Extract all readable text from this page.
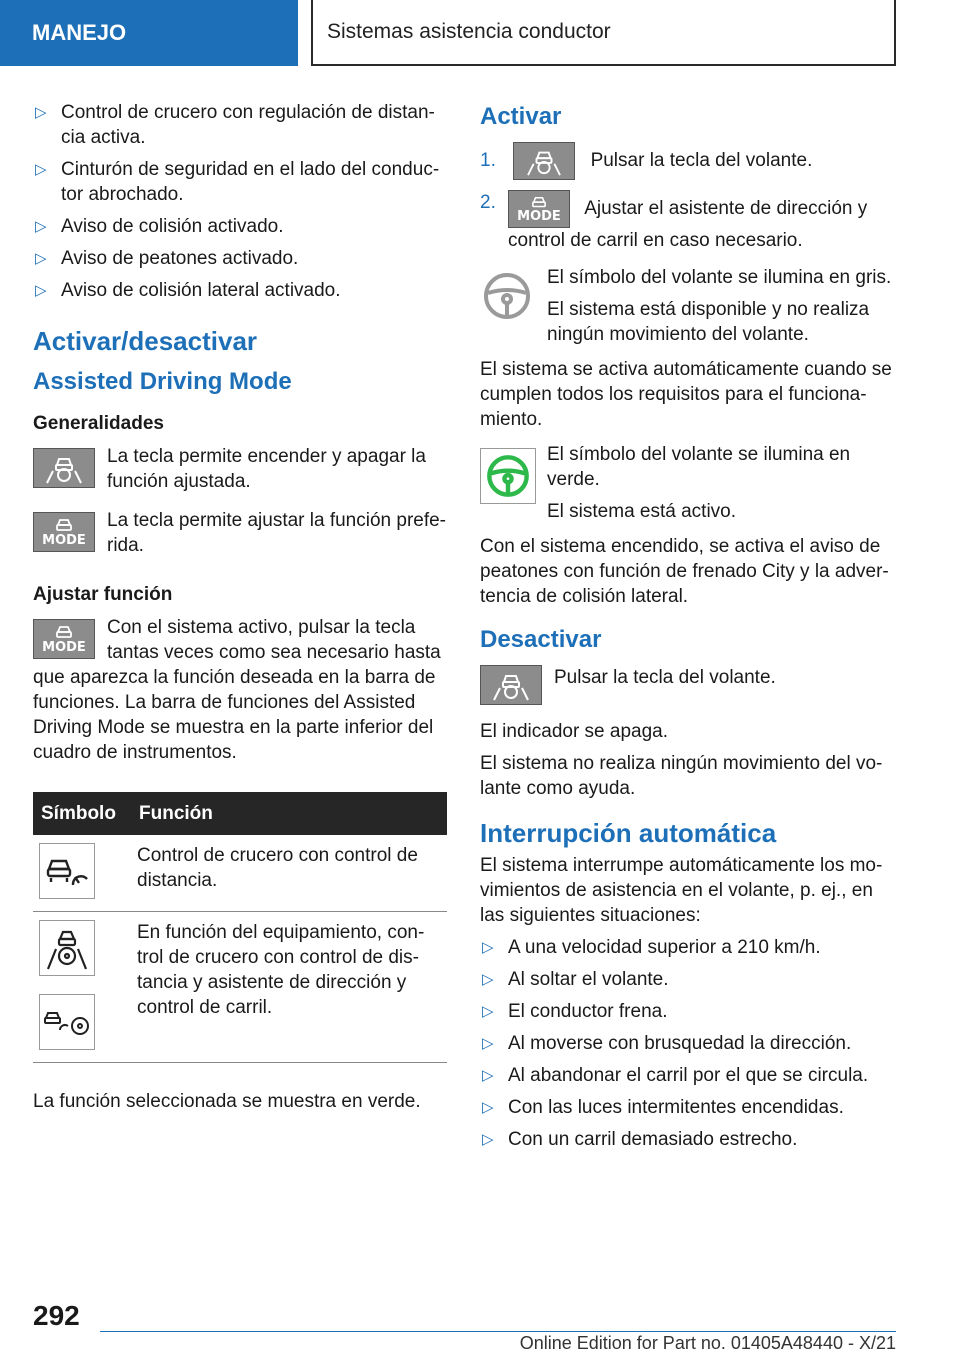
MANEJO	Sistemas asistencia conductor
▷ Control de crucero con regulación de distan-cia activa.
▷ Cinturón de seguridad en el lado del conduc-tor abrochado.
▷ Aviso de colisión activado.
▷ Aviso de peatones activado.
▷ Aviso de colisión lateral activado.
Activar/desactivar
Assisted Driving Mode
Generalidades
La tecla permite encender y apagar la función ajustada.
MODE
La tecla permite ajustar la función prefe-rida.
Ajustar función

MODE
Con el sistema activo, pulsar la tecla tantas veces como sea necesario hasta que aparezca la función deseada en la barra de funciones. La barra de funciones del Assisted Driving Mode se muestra en la parte inferior del cuadro de instrumentos.

Símbolo	Función

	Control de crucero con control de distancia.

	En función del equipamiento, con-trol de crucero con control de dis-tancia y asistente de dirección y control de carril.

La función seleccionada se muestra en verde.

Activar
1.	Pulsar la tecla del volante.
2.
MODE Ajustar el asistente de dirección y control de carril en caso necesario.

El símbolo del volante se ilumina en gris.

El sistema está disponible y no realiza ningún movimiento del volante.

El sistema se activa automáticamente cuando se cumplen todos los requisitos para el funciona-miento.

El símbolo del volante se ilumina en verde.

El sistema está activo.

Con el sistema encendido, se activa el aviso de peatones con función de frenado City y la adver-tencia de colisión lateral.

Desactivar
Pulsar la tecla del volante.

El indicador se apaga.

El sistema no realiza ningún movimiento del vo-lante como ayuda.

Interrupción automática

El sistema interrumpe automáticamente los mo-vimientos de asistencia en el volante, p. ej., en las siguientes situaciones:

▷ A una velocidad superior a 210 km/h.
▷ Al soltar el volante.
▷ El conductor frena.
▷ Al moverse con brusquedad la dirección.
▷ Al abandonar el carril por el que se circula.
▷ Con las luces intermitentes encendidas.
▷ Con un carril demasiado estrecho.
292
Online Edition for Part no. 01405A48440 - X/21
